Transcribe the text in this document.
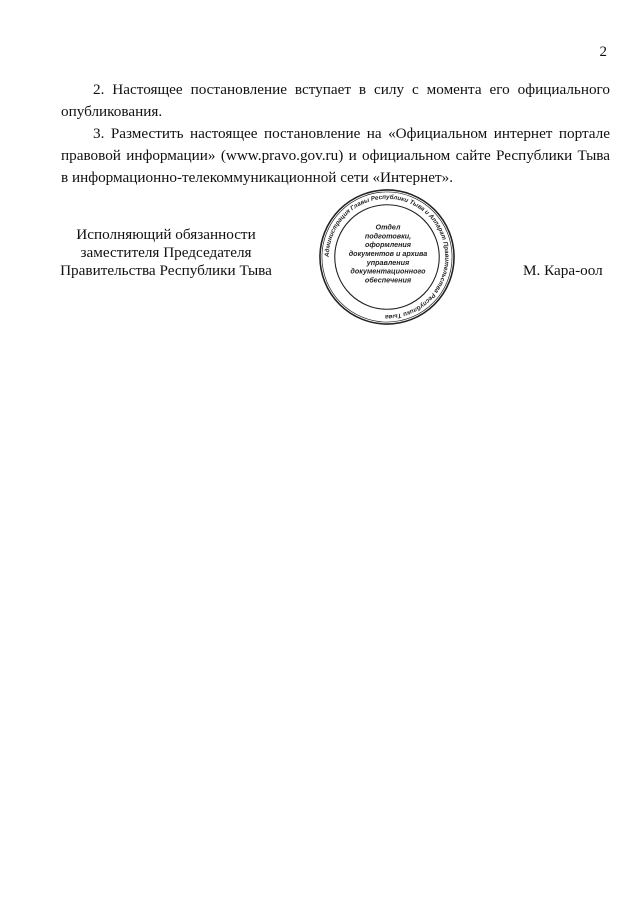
2

2. Настоящее постановление вступает в силу с момента его официального опубликования.

3. Разместить настоящее постановление на «Официальном интернет портале правовой информации» (www.pravo.gov.ru) и официальном сайте Республики Тыва в информационно-телекоммуникационной сети «Интернет».

Исполняющий обязанности
заместителя Председателя
Правительства Республики Тыва
Администрация Главы Республики Тыва и Аппарат Правительства Республики Тыва
Отдел
подготовки,
оформления
документов и архива
управления
документационного
обеспечения
М. Кара-оол
